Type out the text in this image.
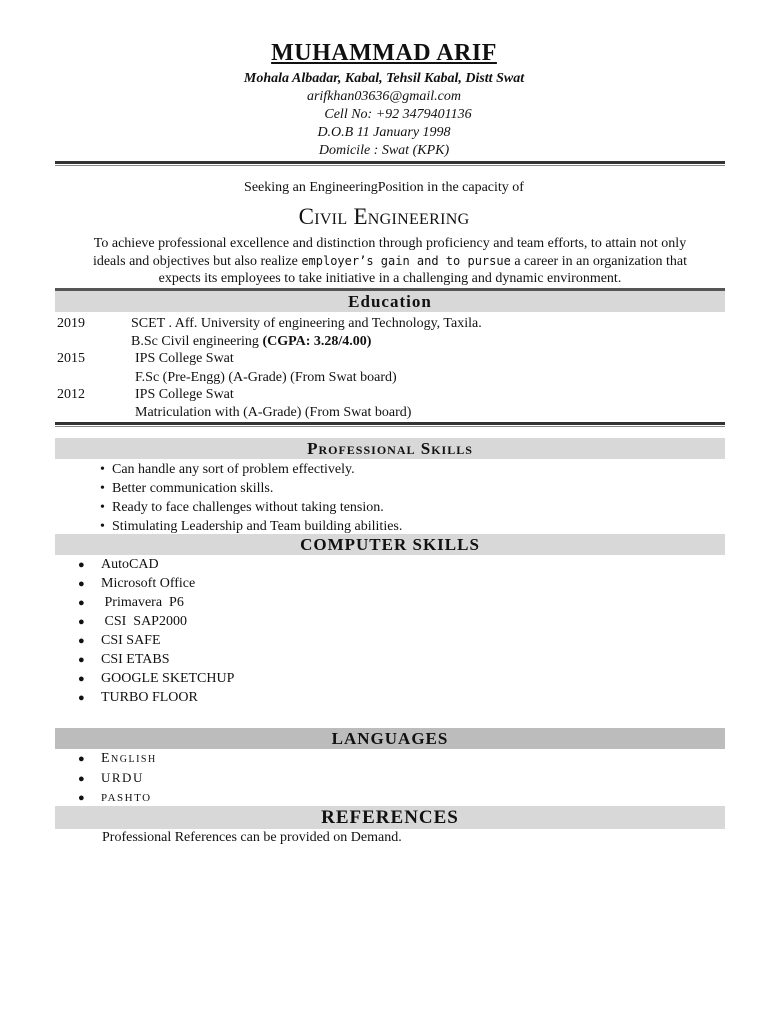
MUHAMMAD ARIF
Mohala Albadar, Kabal, Tehsil Kabal, Distt Swat
arifkhan03636@gmail.com
Cell No: +92 3479401136
D.O.B 11 January 1998
Domicile : Swat (KPK)
Seeking an EngineeringPosition in the capacity of
Civil Engineering
To achieve professional excellence and distinction through proficiency and team efforts, to attain not only
ideals and objectives but also realize employer’s gain and to pursue a career in an organization that
expects its employees to take initiative in a challenging and dynamic environment.
Education
2019	SCET . Aff. University of engineering and Technology, Taxila.
B.Sc Civil engineering (CGPA: 3.28/4.00)
2015	IPS College Swat
F.Sc (Pre-Engg) (A-Grade) (From Swat board)
2012	IPS College Swat
Matriculation with (A-Grade) (From Swat board)
Professional Skills
• Can handle any sort of problem effectively.
• Better communication skills.
• Ready to face challenges without taking tension.
• Stimulating Leadership and Team building abilities.
COMPUTER SKILLS
● AutoCAD
● Microsoft Office
● Primavera  P6
● CSI  SAP2000
● CSI SAFE
● CSI ETABS
● GOOGLE SKETCHUP
● TURBO FLOOR
LANGUAGES
● English
● URDU
● PASHTO
REFERENCES
Professional References can be provided on Demand.
